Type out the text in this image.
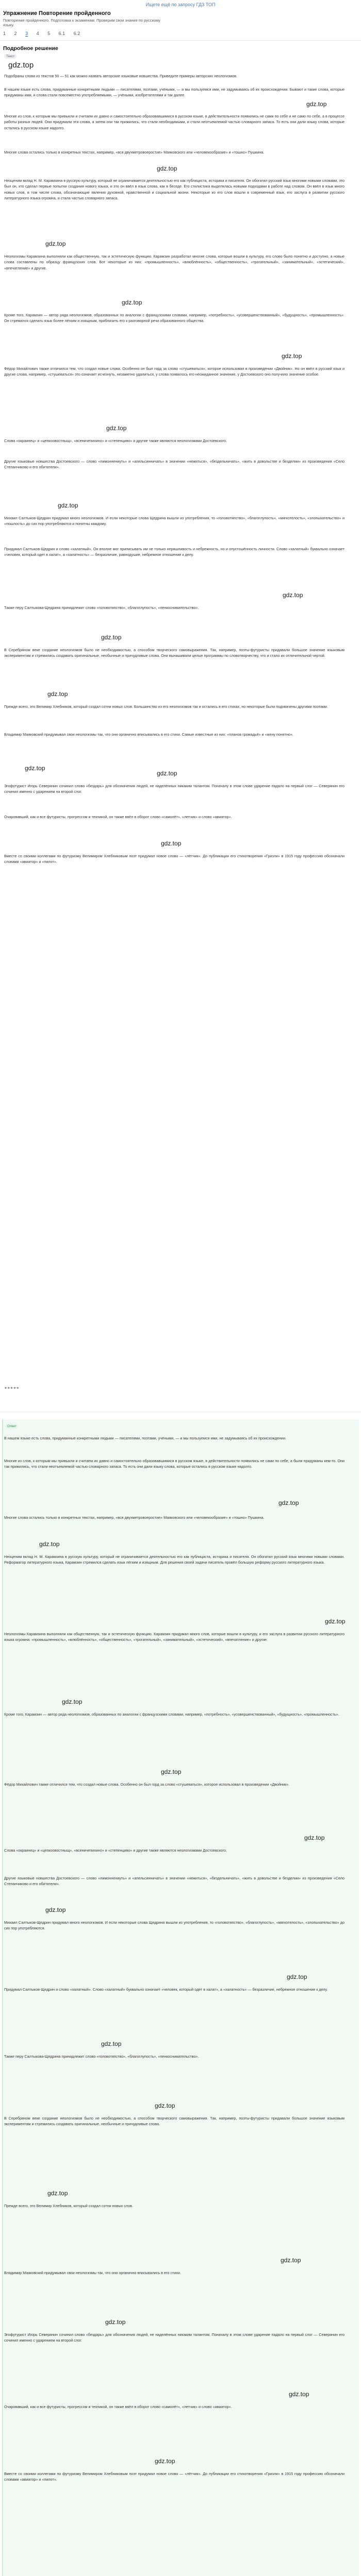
Ищете ещё по запросу ГДЗ ТОП
Упражнение Повторение пройденного
Повторение пройденного. Подготовка к экзаменам. Проверим свои знания по русскому языку.
1 2 3 4 5 6.1 6.2
Подробное решение
Текст
gdz.top
Подобраны слова из текстов 50 — 51 как можно назвать авторские языковые новшества. Приведите примеры авторских неологизмов.
В нашем языке есть слова, придуманные конкретными людьми — писателями, поэтами, учёными, — и мы пользуемся ими, не задумываясь об их происхождении. Бывают и такие слова, которые придуманы ими, и слова стали повсеместно употребляемыми, — учёными, изобретателями и так далее.
gdz.top
Многие из слов, к которым мы привыкли и считаем их давно и самостоятельно образовавшимися в русском языке, в действительности появились не сами по себе и не само по себе, а в процессе работы разных людей. Они придумали эти слова, а затем они так прижились, что стали необходимыми, и стали неотъемлемой частью словарного запаса. То есть они дали языку слова, которые остались в русском языке надолго.
Многие слова остались только в конкретных текстах, например, «вся двухметровоеростие» Маяковского или «человекообразие» и «тошно» Пушкина.
gdz.top
Неоценим вклад Н. М. Карамзина в русскую культуру, который не ограничивается деятельностью его как публициста, историка и писателя. Он обогатил русский язык многими новыми словами, это был он, кто сделал первые попытки создания нового языка, и это он ввёл в язык слова, как в беседе. Его стилистика выделялась новыми подходами в работе над словом. Он ввёл в язык много новых слов, в том числе слова, обозначающие явления духовной, нравственной и социальной жизни. Некоторые из его слов вошли в современный язык, его заслуга в развитии русского литературного языка огромна, и стала частью словарного запаса.
gdz.top
Неологизмы Карамзина выполняли как общественную, так и эстетическую функцию. Карамзин разработал многие слова, которые вошли в культуру, его слово было понятно и доступно, а новые слова составлены по образцу французских слов. Вот некоторые из них: «промышленность», «влюблённость», «общественность», «трогательный», «занимательный», «эстетический», «впечатление» и другие.
gdz.top
Кроме того, Карамзин — автор ряда неологизмов, образованных по аналогии с французскими словами, например, «потребность», «усовершенствованный», «будущность», «промышленность». Он стремился сделать язык более лёгким и изящным, приблизить его к разговорной речи образованного общества.
gdz.top
Фёдор Михайлович также отличился тем, что создал новые слова. Особенно он был горд за слово «стушеваться», которое использовал в произведении «Двойник». Но он ввёл в русский язык и другие слова, например, «стушеваться» это означает исчезнуть, незаметно удалиться, у слова появилось его неожиданное значение, у Достоевского оно получило значение особое.
gdz.top
Слова «окраинец» и «цепкоовостныщ», «всеничепихино» и «степенциво» и другие также являются неологизмами Достоевского.
Другие языковые новшества Достоевского — слово «лимоннениуть» и «апельсинничать» в значении «нежиться», «бездельничать», «жить в довольстве и безделии» из произведения «Село Степанчиково и его обитатели».
gdz.top
Михаил Салтыков-Щедрин придумал много неологизмов. И если некоторые слова Щедрина вышли из употребления, то «головотяпство», «благоглупость», «мягкотелость», «злопыхательство» и «пошлость» до сих пор употребляются и понятны каждому.
Придумал Салтыков-Щедрин и слово «халатный». Он вполне мог приписывать им не только неряшливость и небрежность, но и опустошённость личности. Слово «халатный» буквально означает «человек, который одет в халат», а «халатность» — безразличие, равнодушие, небрежное отношение к делу.
gdz.top
Также перу Салтыкова-Щедрина принадлежит слово «головотяпство», «благоглупость», «пенкоснимательство».
gdz.top
В Серебряном веке создание неологизмов было не необходимостью, а способом творческого самовыражения. Так, например, поэты-футуристы придавали большое значение языковым экспериментам и стремились создавать оригинальные, необычные и причудливые слова. Они вынашивали целые программы по словотворчеству, что и стало их отличительной чертой.
gdz.top
Прежде всего, это Велимир Хлебников, который создал сотни новых слов. Большинство из его неологизмов так и остались в его стихах, но некоторые были подхвачены другими поэтами.
Владимир Маяковский придумывал свои неологизмы так, что они органично вписывались в его стихи. Самые известные из них: «планов громадьё» и «жену понятно».
gdz.top
gdz.top
Эгофутурист Игорь Северянин сочинил слово «бездарь» для обозначения людей, не наделённых никаким талантом. Поначалу в этом слове ударение падало на первый слог — Северянин его сочинил именно с ударением на второй слог.
Очаровавший, как и все футуристы, прогрессом и техникой, он также ввёл в оборот слово «самолёт», «летчик» и слово «авиатор».
gdz.top
Вместе со своими коллегами по футуризму Велимиром Хлебниковым поэт придумал новое слово — «лётчик». До публикации его стихотворения «Гризли» в 1915 году профессию обозначали словами «авиатор» и «пилот».
★★★★★
Ответ
В нашем языке есть слова, придуманные конкретными людьми — писателями, поэтами, учёными, — и мы пользуемся ими, не задумываясь об их происхождении.
Многие из слов, к которым мы привыкли и считаем их давно и самостоятельно образовавшимися в русском языке, в действительности появились не сами по себе, а были придуманы кем-то. Они так прижились, что стали неотъемлемой частью словарного запаса. То есть они дали языку слова, которые остались в русском языке надолго.
gdz.top
Многие слова остались только в конкретных текстах, например, «вся двухметровоеростие» Маяковского или «человекообразие» и «тошно» Пушкина.
gdz.top
Неоценим вклад Н. М. Карамзина в русскую культуру, который не ограничивается деятельностью его как публициста, историка и писателя. Он обогатил русский язык многими новыми словами. Реформатор литературного языка, Карамзин стремился сделать язык лёгким и изящным. Для решения своей задачи писатель провёл большую реформу русского литературного языка.
gdz.top
Неологизмы Карамзина выполняли как общественную, так и эстетическую функцию. Карамзин придумал много слов, которые вошли в культуру, и его заслуга в развитии русского литературного языка огромна: «промышленность», «влюблённость», «общественность», «трогательный», «занимательный», «эстетический», «впечатление» и другие.
gdz.top
Кроме того, Карамзин — автор ряда неологизмов, образованных по аналогии с французскими словами, например, «потребность», «усовершенствованный», «будущность», «промышленность».
gdz.top
Фёдор Михайлович также отличился тем, что создал новые слова. Особенно он был горд за слово «стушеваться», которое использовал в произведении «Двойник».
gdz.top
Слова «окраинец» и «цепкоовостныщ», «всеничепихино» и «степенциво» и другие также являются неологизмами Достоевского.
Другие языковые новшества Достоевского — слово «лимоннениуть» и «апельсинничать» в значении «нежиться», «бездельничать», «жить в довольстве и безделии» из произведения «Село Степанчиково и его обитатели».
gdz.top
Михаил Салтыков-Щедрин придумал много неологизмов. И если некоторые слова Щедрина вышли из употребления, то «головотяпство», «благоглупость», «мягкотелость», «злопыхательство» до сих пор употребляются.
gdz.top
Придумал Салтыков-Щедрин и слово «халатный». Слово «халатный» буквально означает «человек, который одет в халат», а «халатность» — безразличие, небрежное отношение к делу.
gdz.top
Также перу Салтыкова-Щедрина принадлежит слово «головотяпство», «благоглупость», «пенкоснимательство».
gdz.top
В Серебряном веке создание неологизмов было не необходимостью, а способом творческого самовыражения. Так, например, поэты-футуристы придавали большое значение языковым экспериментам и стремились создавать оригинальные, необычные и причудливые слова.
gdz.top
Прежде всего, это Велимир Хлебников, который создал сотни новых слов.
gdz.top
Владимир Маяковский придумывал свои неологизмы так, что они органично вписывались в его стихи.
gdz.top
Эгофутурист Игорь Северянин сочинил слово «бездарь» для обозначения людей, не наделённых никаким талантом. Поначалу в этом слове ударение падало на первый слог — Северянин его сочинил именно с ударением на второй слог.
gdz.top
Очаровавший, как и все футуристы, прогрессом и техникой, он также ввёл в оборот слово «самолёт», «летчик» и слово «авиатор».
gdz.top
Вместе со своими коллегами по футуризму Велимиром Хлебниковым поэт придумал новое слово — «лётчик». До публикации его стихотворения «Гризли» в 1915 году профессию обозначали словами «авиатор» и «пилот».
